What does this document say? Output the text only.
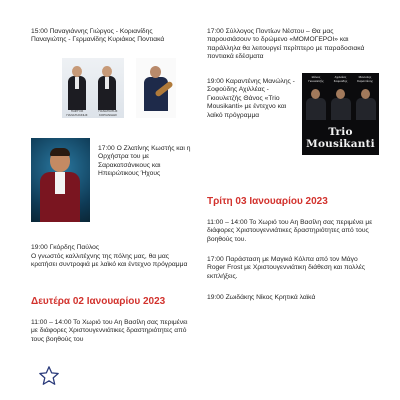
15:00 Παναγιάννης Γιώργος - Κοριανίδης Παναγιώτης - Γερμανίδης Κυριάκος Ποντιακά
ΓΙΩΡΓΟΣ ΠΑΝΑΓΙΑΝΝΗΣ
ΠΑΝΑΓΙΩΤΗΣ ΚΟΡΙΑΝΙΔΗΣ
17:00 Ο Ζλατίνης Κωστής και η Ορχήστρα του με Σαρακατσάνικους και Ηπειρώτικους Ήχους

19:00 Γκόρδης Παύλος
Ο γνωστός καλλιτέχνης της πόλης μας, θα μας κρατήσει συντροφιά με λαϊκό και έντεχνο πρόγραμμα

Δευτέρα 02 Ιανουαρίου 2023
11:00 – 14:00 Το Χωριό του Αη Βασίλη σας περιμένει με διάφορες Χριστουγεννιάτικες δραστηριότητες από τους βοηθούς του
17:00 Σύλλογος Ποντίων Νέστου – Θα μας παρουσιάσουν το δρώμενο «ΜΟΜΟΓΕΡΟΙ» και παράλληλα θα λειτουργεί περίπτερο με παραδοσιακά ποντιακά εδέσματα
19:00 Καραντένης Μανώλης - Σοφούδης Αχιλλέας - Γκιουλετζής Θάνος «Trio Mousikanti» με έντεχνο και λαϊκό πρόγραμμα
Θάνος Γκιουλετζής
Αχιλλέας Σοφούδης
Μανώλης Καραντένης
Trio Mousikanti
Τρίτη 03 Ιανουαρίου 2023
11:00 – 14:00 Το Χωριό του Αη Βασίλη σας περιμένει με διάφορες Χριστουγεννιάτικες δραστηριότητες από τους βοηθούς του.
17:00 Παράσταση με Μαγικά Κόλπα από τον Μάγο Roger Frost με Χριστουγεννιάτικη διάθεση και πολλές εκπλήξεις.
19:00 Ζωιδάκης Νίκος Κρητικά λαϊκά
